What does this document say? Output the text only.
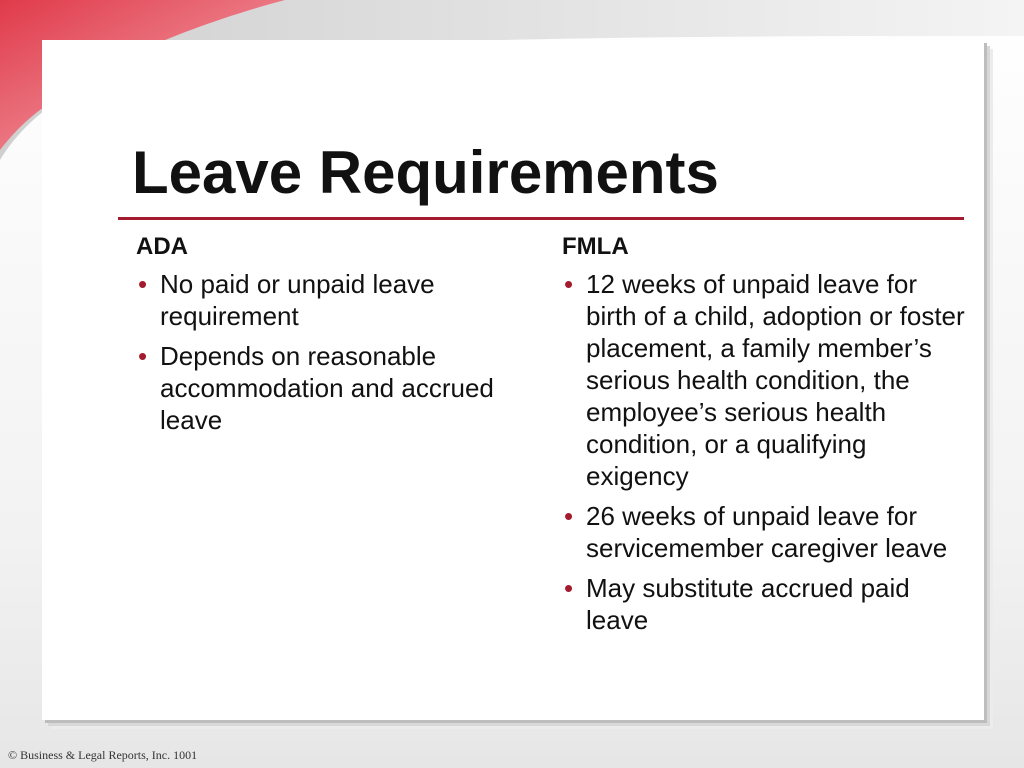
Leave Requirements

ADA

• No paid or unpaid leave requirement
• Depends on reasonable accommodation and accrued leave

FMLA

• 12 weeks of unpaid leave for birth of a child, adoption or foster placement, a family member’s serious health condition, the employee’s serious health condition, or a qualifying exigency
• 26 weeks of unpaid leave for servicemember caregiver leave
• May substitute accrued paid leave

© Business & Legal Reports, Inc. 1001
